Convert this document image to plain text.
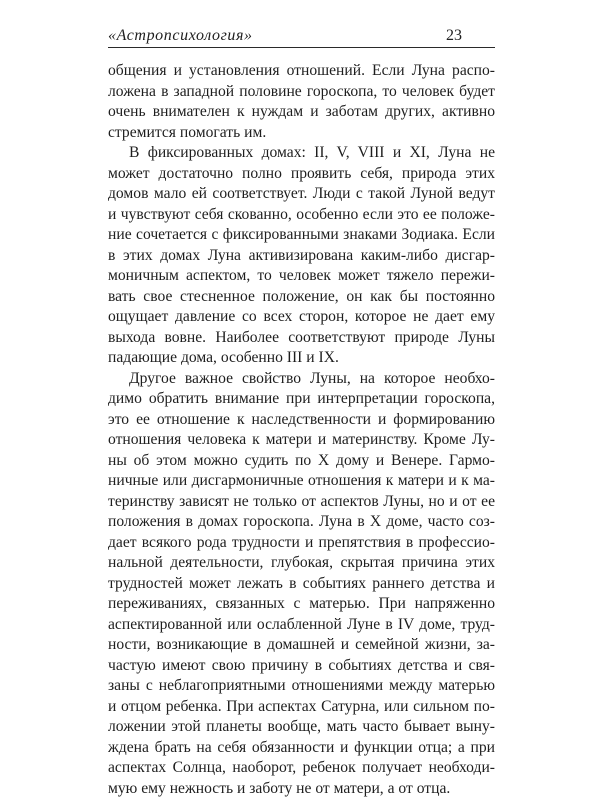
«Астропсихология»	23
общения и установления отношений. Если Луна распо-
ложена в западной половине гороскопа, то человек будет
очень внимателен к нуждам и заботам других, активно
стремится помогать им.
В фиксированных домах: II, V, VIII и XI, Луна не
может достаточно полно проявить себя, природа этих
домов мало ей соответствует. Люди с такой Луной ведут
и чувствуют себя скованно, особенно если это ее положе-
ние сочетается с фиксированными знаками Зодиака. Если
в этих домах Луна активизирована каким-либо дисгар-
моничным аспектом, то человек может тяжело пережи-
вать свое стесненное положение, он как бы постоянно
ощущает давление со всех сторон, которое не дает ему
выхода вовне. Наиболее соответствуют природе Луны
падающие дома, особенно III и IX.
Другое важное свойство Луны, на которое необхо-
димо обратить внимание при интерпретации гороскопа,
это ее отношение к наследственности и формированию
отношения человека к матери и материнству. Кроме Лу-
ны об этом можно судить по X дому и Венере. Гармо-
ничные или дисгармоничные отношения к матери и к ма-
теринству зависят не только от аспектов Луны, но и от ее
положения в домах гороскопа. Луна в X доме, часто соз-
дает всякого рода трудности и препятствия в профессио-
нальной деятельности, глубокая, скрытая причина этих
трудностей может лежать в событиях раннего детства и
переживаниях, связанных с матерью. При напряженно
аспектированной или ослабленной Луне в IV доме, труд-
ности, возникающие в домашней и семейной жизни, за-
частую имеют свою причину в событиях детства и свя-
заны с неблагоприятными отношениями между матерью
и отцом ребенка. При аспектах Сатурна, или сильном по-
ложении этой планеты вообще, мать часто бывает выну-
ждена брать на себя обязанности и функции отца; а при
аспектах Солнца, наоборот, ребенок получает необходи-
мую ему нежность и заботу не от матери, а от отца.
